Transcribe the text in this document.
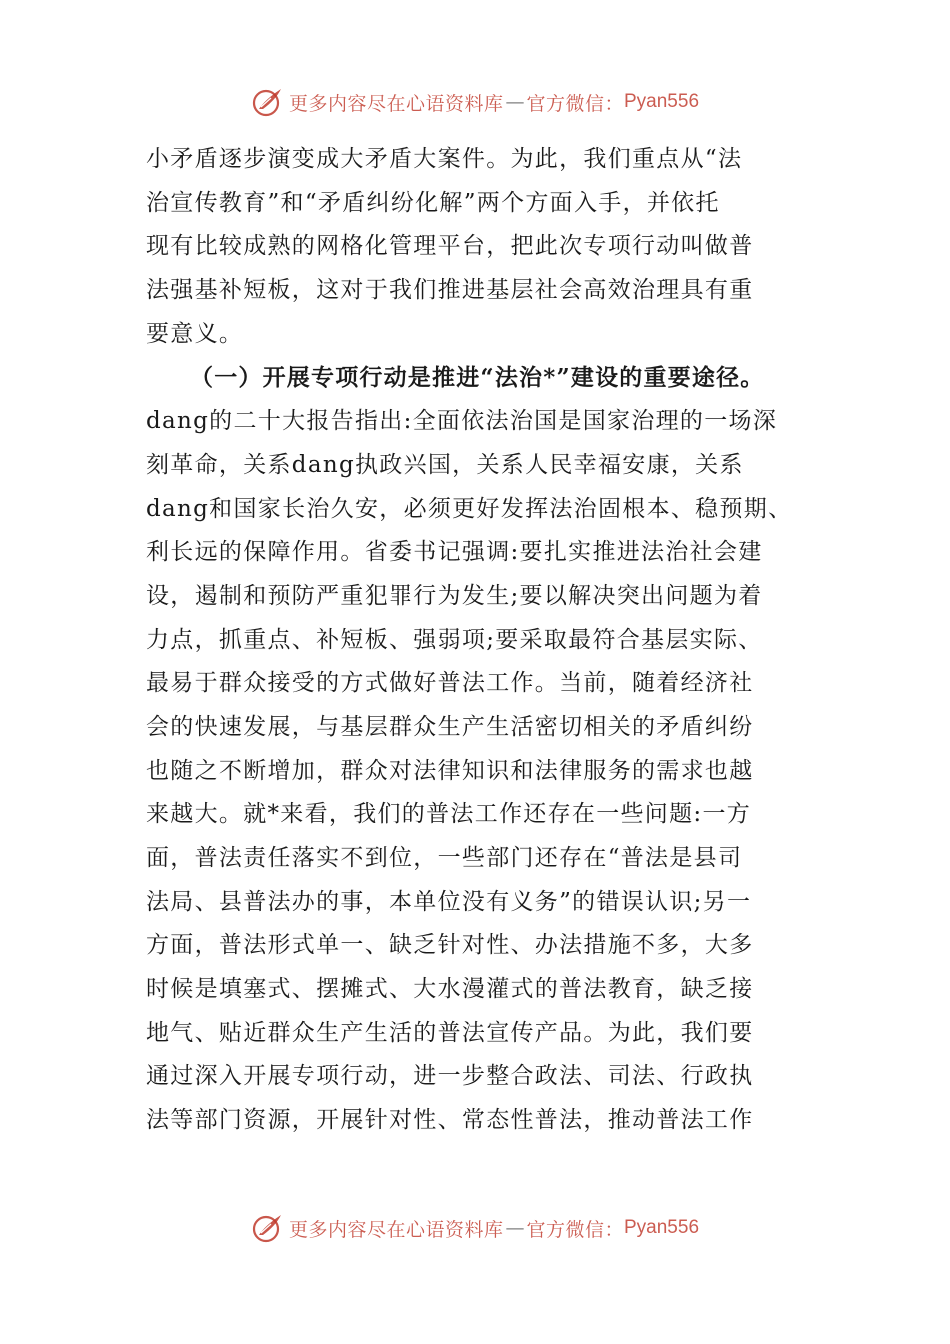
更多内容尽在心语资料库 — 官方微信： Pyan556
小矛盾逐步演变成大矛盾大案件。为此，我们重点从“法
治宣传教育”和“矛盾纠纷化解”两个方面入手，并依托
现有比较成熟的网格化管理平台，把此次专项行动叫做普
法强基补短板，这对于我们推进基层社会高效治理具有重
要意义。
（一）开展专项行动是推进“法治*”建设的重要途径。
dang的二十大报告指出:全面依法治国是国家治理的一场深
刻革命，关系dang执政兴国，关系人民幸福安康，关系
dang和国家长治久安，必须更好发挥法治固根本、稳预期、
利长远的保障作用。省委书记强调:要扎实推进法治社会建
设，遏制和预防严重犯罪行为发生;要以解决突出问题为着
力点，抓重点、补短板、强弱项;要采取最符合基层实际、
最易于群众接受的方式做好普法工作。当前，随着经济社
会的快速发展，与基层群众生产生活密切相关的矛盾纠纷
也随之不断增加，群众对法律知识和法律服务的需求也越
来越大。就*来看，我们的普法工作还存在一些问题:一方
面，普法责任落实不到位，一些部门还存在“普法是县司
法局、县普法办的事，本单位没有义务”的错误认识;另一
方面，普法形式单一、缺乏针对性、办法措施不多，大多
时候是填塞式、摆摊式、大水漫灌式的普法教育，缺乏接
地气、贴近群众生产生活的普法宣传产品。为此，我们要
通过深入开展专项行动，进一步整合政法、司法、行政执
法等部门资源，开展针对性、常态性普法，推动普法工作
更多内容尽在心语资料库 — 官方微信： Pyan556
